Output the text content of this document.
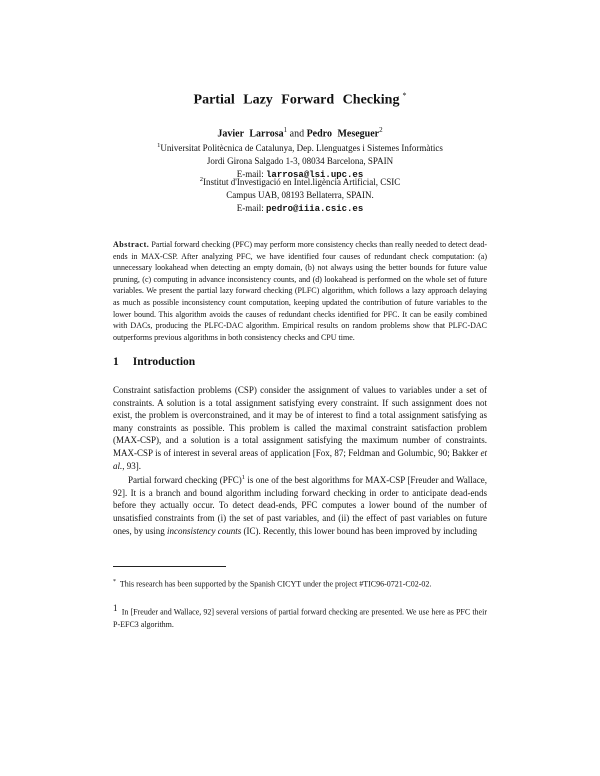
Partial Lazy Forward Checking *
Javier Larrosa$^1$ and Pedro Meseguer$^2$
$^1$Universitat Politècnica de Catalunya, Dep. Llenguatges i Sistemes Informàtics
Jordi Girona Salgado 1-3, 08034 Barcelona, SPAIN
E-mail: larrosa@lsi.upc.es
$^2$Institut d'Investigació en Intel.ligència Artificial, CSIC
Campus UAB, 08193 Bellaterra, SPAIN.
E-mail: pedro@iiia.csic.es
Abstract. Partial forward checking (PFC) may perform more consistency checks than really needed to detect dead-ends in MAX-CSP. After analyzing PFC, we have identified four causes of redundant check computation: (a) unnecessary lookahead when detecting an empty domain, (b) not always using the better bounds for future value pruning, (c) computing in advance inconsistency counts, and (d) lookahead is performed on the whole set of future variables. We present the partial lazy forward checking (PLFC) algorithm, which follows a lazy approach delaying as much as possible inconsistency count computation, keeping updated the contribution of future variables to the lower bound. This algorithm avoids the causes of redundant checks identified for PFC. It can be easily combined with DACs, producing the PLFC-DAC algorithm. Empirical results on random problems show that PLFC-DAC outperforms previous algorithms in both consistency checks and CPU time.
1 Introduction

Constraint satisfaction problems (CSP) consider the assignment of values to variables under a set of constraints. A solution is a total assignment satisfying every constraint. If such assignment does not exist, the problem is overconstrained, and it may be of interest to find a total assignment satisfying as many constraints as possible. This problem is called the maximal constraint satisfaction problem (MAX-CSP), and a solution is a total assignment satisfying the maximum number of constraints. MAX-CSP is of interest in several areas of application [Fox, 87; Feldman and Golumbic, 90; Bakker et al., 93].

Partial forward checking (PFC)$^1$ is one of the best algorithms for MAX-CSP [Freuder and Wallace, 92]. It is a branch and bound algorithm including forward checking in order to anticipate dead-ends before they actually occur. To detect dead-ends, PFC computes a lower bound of the number of unsatisfied constraints from (i) the set of past variables, and (ii) the effect of past variables on future ones, by using inconsistency counts (IC). Recently, this lower bound has been improved by including

* This research has been supported by the Spanish CICYT under the project #TIC96-0721-C02-02.
1 In [Freuder and Wallace, 92] several versions of partial forward checking are presented. We use here as PFC their P-EFC3 algorithm.
